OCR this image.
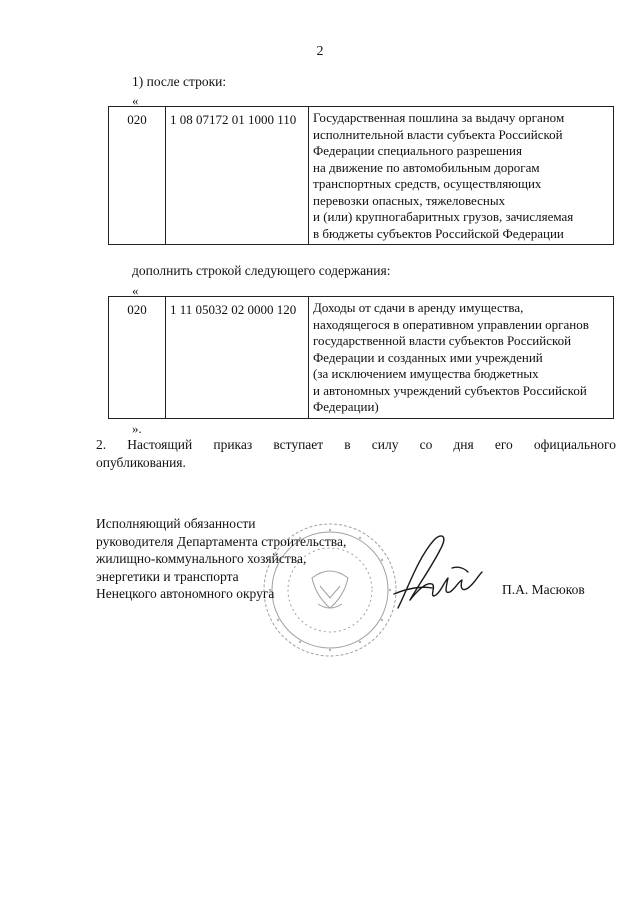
2
1) после строки:
«
020	1 08 07172 01 1000 110	Государственная пошлина за выдачу органом
исполнительной власти субъекта Российской
Федерации специального разрешения
на движение по автомобильным дорогам
транспортных средств, осуществляющих
перевозки опасных, тяжеловесных
и (или) крупногабаритных грузов, зачисляемая
в бюджеты субъектов Российской Федерации
дополнить строкой следующего содержания:
«
020	1 11 05032 02 0000 120	Доходы от сдачи в аренду имущества,
находящегося в оперативном управлении органов
государственной власти субъектов Российской
Федерации и созданных ими учреждений
(за исключением имущества бюджетных
и автономных учреждений субъектов Российской
Федерации)
».
2. Настоящий приказ вступает в силу со дня его официального
опубликования.
Исполняющий обязанности
руководителя Департамента строительства,
жилищно-коммунального хозяйства,
энергетики и транспорта
Ненецкого автономного округа	П.А. Масюков
